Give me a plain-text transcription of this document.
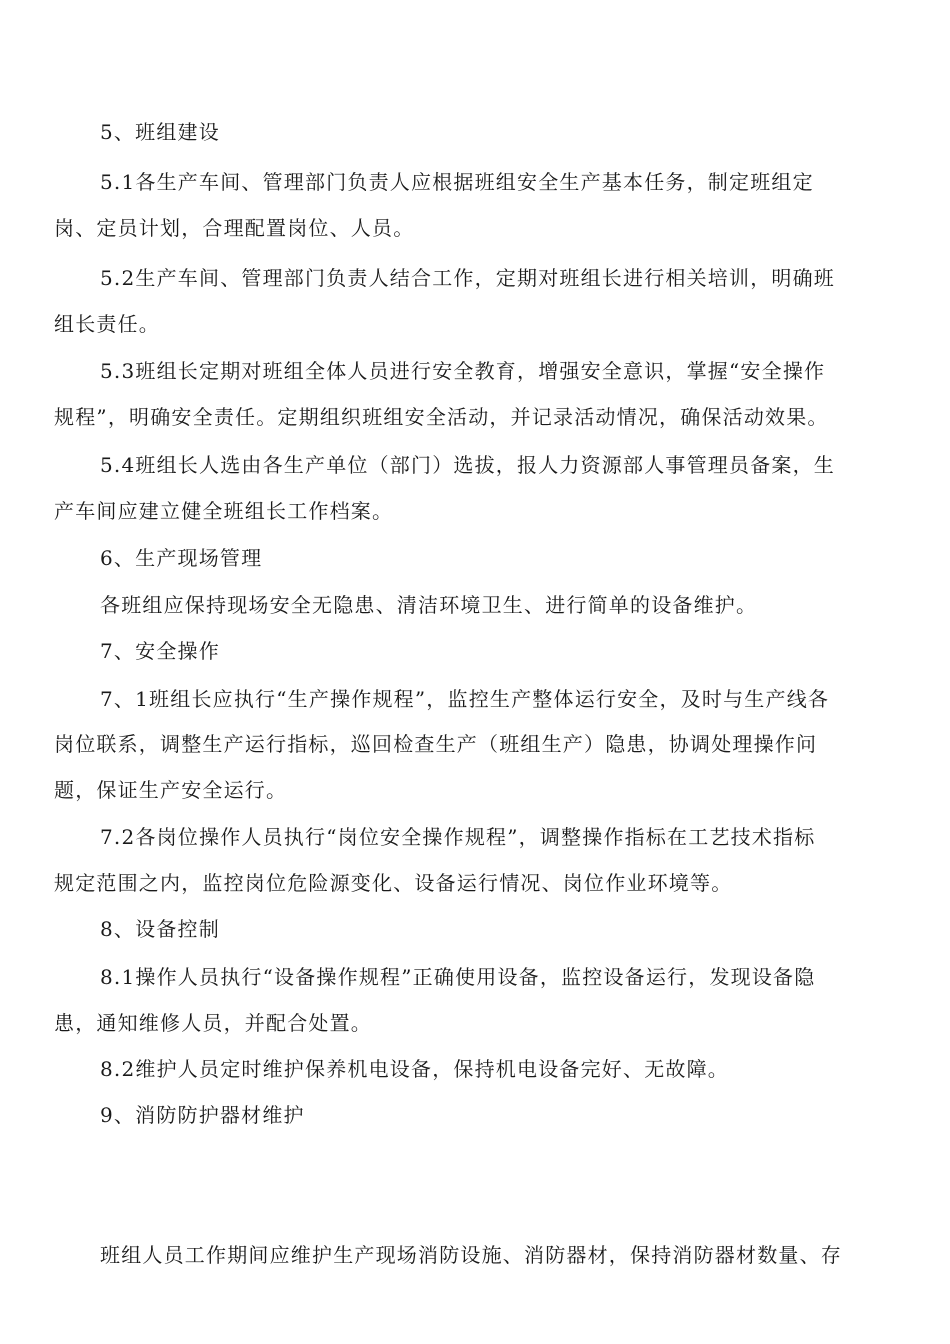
5、班组建设
5.1各生产车间、管理部门负责人应根据班组安全生产基本任务，制定班组定
岗、定员计划，合理配置岗位、人员。
5.2生产车间、管理部门负责人结合工作，定期对班组长进行相关培训，明确班
组长责任。
5.3班组长定期对班组全体人员进行安全教育，增强安全意识，掌握“安全操作
规程”，明确安全责任。定期组织班组安全活动，并记录活动情况，确保活动效果。
5.4班组长人选由各生产单位（部门）选拔，报人力资源部人事管理员备案，生
产车间应建立健全班组长工作档案。
6、生产现场管理
各班组应保持现场安全无隐患、清洁环境卫生、进行简单的设备维护。
7、安全操作
7、1班组长应执行“生产操作规程”，监控生产整体运行安全，及时与生产线各
岗位联系，调整生产运行指标，巡回检查生产（班组生产）隐患，协调处理操作问
题，保证生产安全运行。
7.2各岗位操作人员执行“岗位安全操作规程”，调整操作指标在工艺技术指标
规定范围之内，监控岗位危险源变化、设备运行情况、岗位作业环境等。
8、设备控制
8.1操作人员执行“设备操作规程”正确使用设备，监控设备运行，发现设备隐
患，通知维修人员，并配合处置。
8.2维护人员定时维护保养机电设备，保持机电设备完好、无故障。
9、消防防护器材维护
班组人员工作期间应维护生产现场消防设施、消防器材，保持消防器材数量、存
